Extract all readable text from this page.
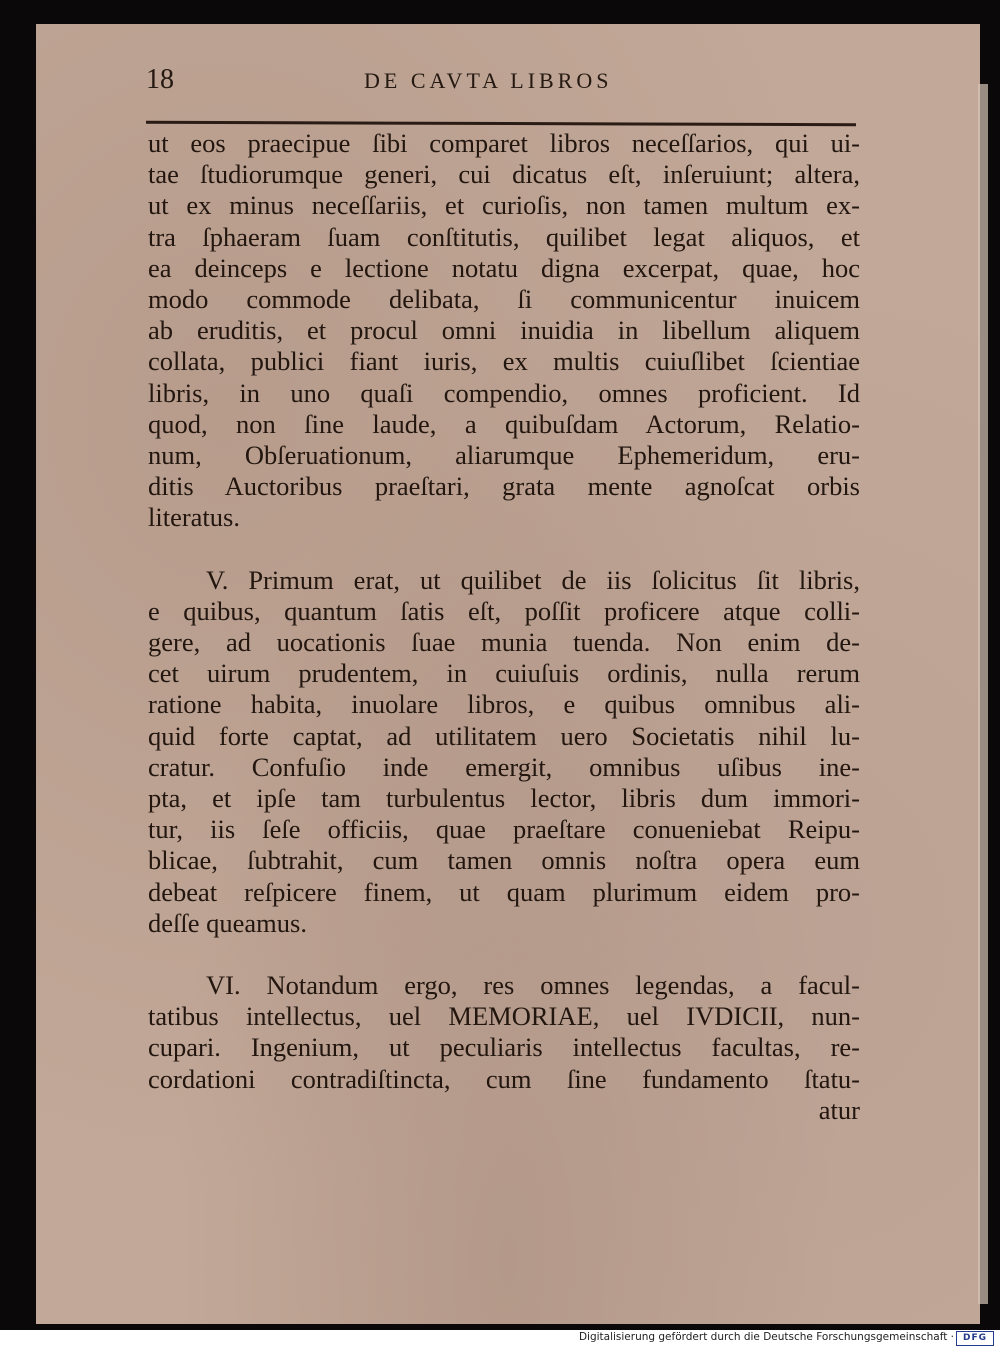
18	DE CAVTA LIBROS
ut eos praecipue ſibi comparet libros neceſſarios, qui ui-
tae ſtudiorumque generi, cui dicatus eſt, inſeruiunt; altera,
ut ex minus neceſſariis, et curioſis, non tamen multum ex-
tra ſphaeram ſuam conſtitutis, quilibet legat aliquos, et
ea deinceps e lectione notatu digna excerpat, quae, hoc
modo commode delibata, ſi communicentur inuicem
ab eruditis, et procul omni inuidia in libellum aliquem
collata, publici fiant iuris, ex multis cuiuſlibet ſcientiae
libris, in uno quaſi compendio, omnes proficient. Id
quod, non ſine laude, a quibuſdam Actorum, Relatio-
num, Obſeruationum, aliarumque Ephemeridum, eru-
ditis Auctoribus praeſtari, grata mente agnoſcat orbis
literatus.
V. Primum erat, ut quilibet de iis ſolicitus ſit libris,
e quibus, quantum ſatis eſt, poſſit proficere atque colli-
gere, ad uocationis ſuae munia tuenda. Non enim de-
cet uirum prudentem, in cuiuſuis ordinis, nulla rerum
ratione habita, inuolare libros, e quibus omnibus ali-
quid forte captat, ad utilitatem uero Societatis nihil lu-
cratur. Confuſio inde emergit, omnibus uſibus ine-
pta, et ipſe tam turbulentus lector, libris dum immori-
tur, iis ſeſe officiis, quae praeſtare conueniebat Reipu-
blicae, ſubtrahit, cum tamen omnis noſtra opera eum
debeat reſpicere finem, ut quam plurimum eidem pro-
deſſe queamus.
VI. Notandum ergo, res omnes legendas, a facul-
tatibus intellectus, uel MEMORIAE, uel IVDICII, nun-
cupari. Ingenium, ut peculiaris intellectus facultas, re-
cordationi contradiſtincta, cum ſine fundamento ſtatu-
atur
Digitalisierung gefördert durch die Deutsche Forschungsgemeinschaft · DFG
